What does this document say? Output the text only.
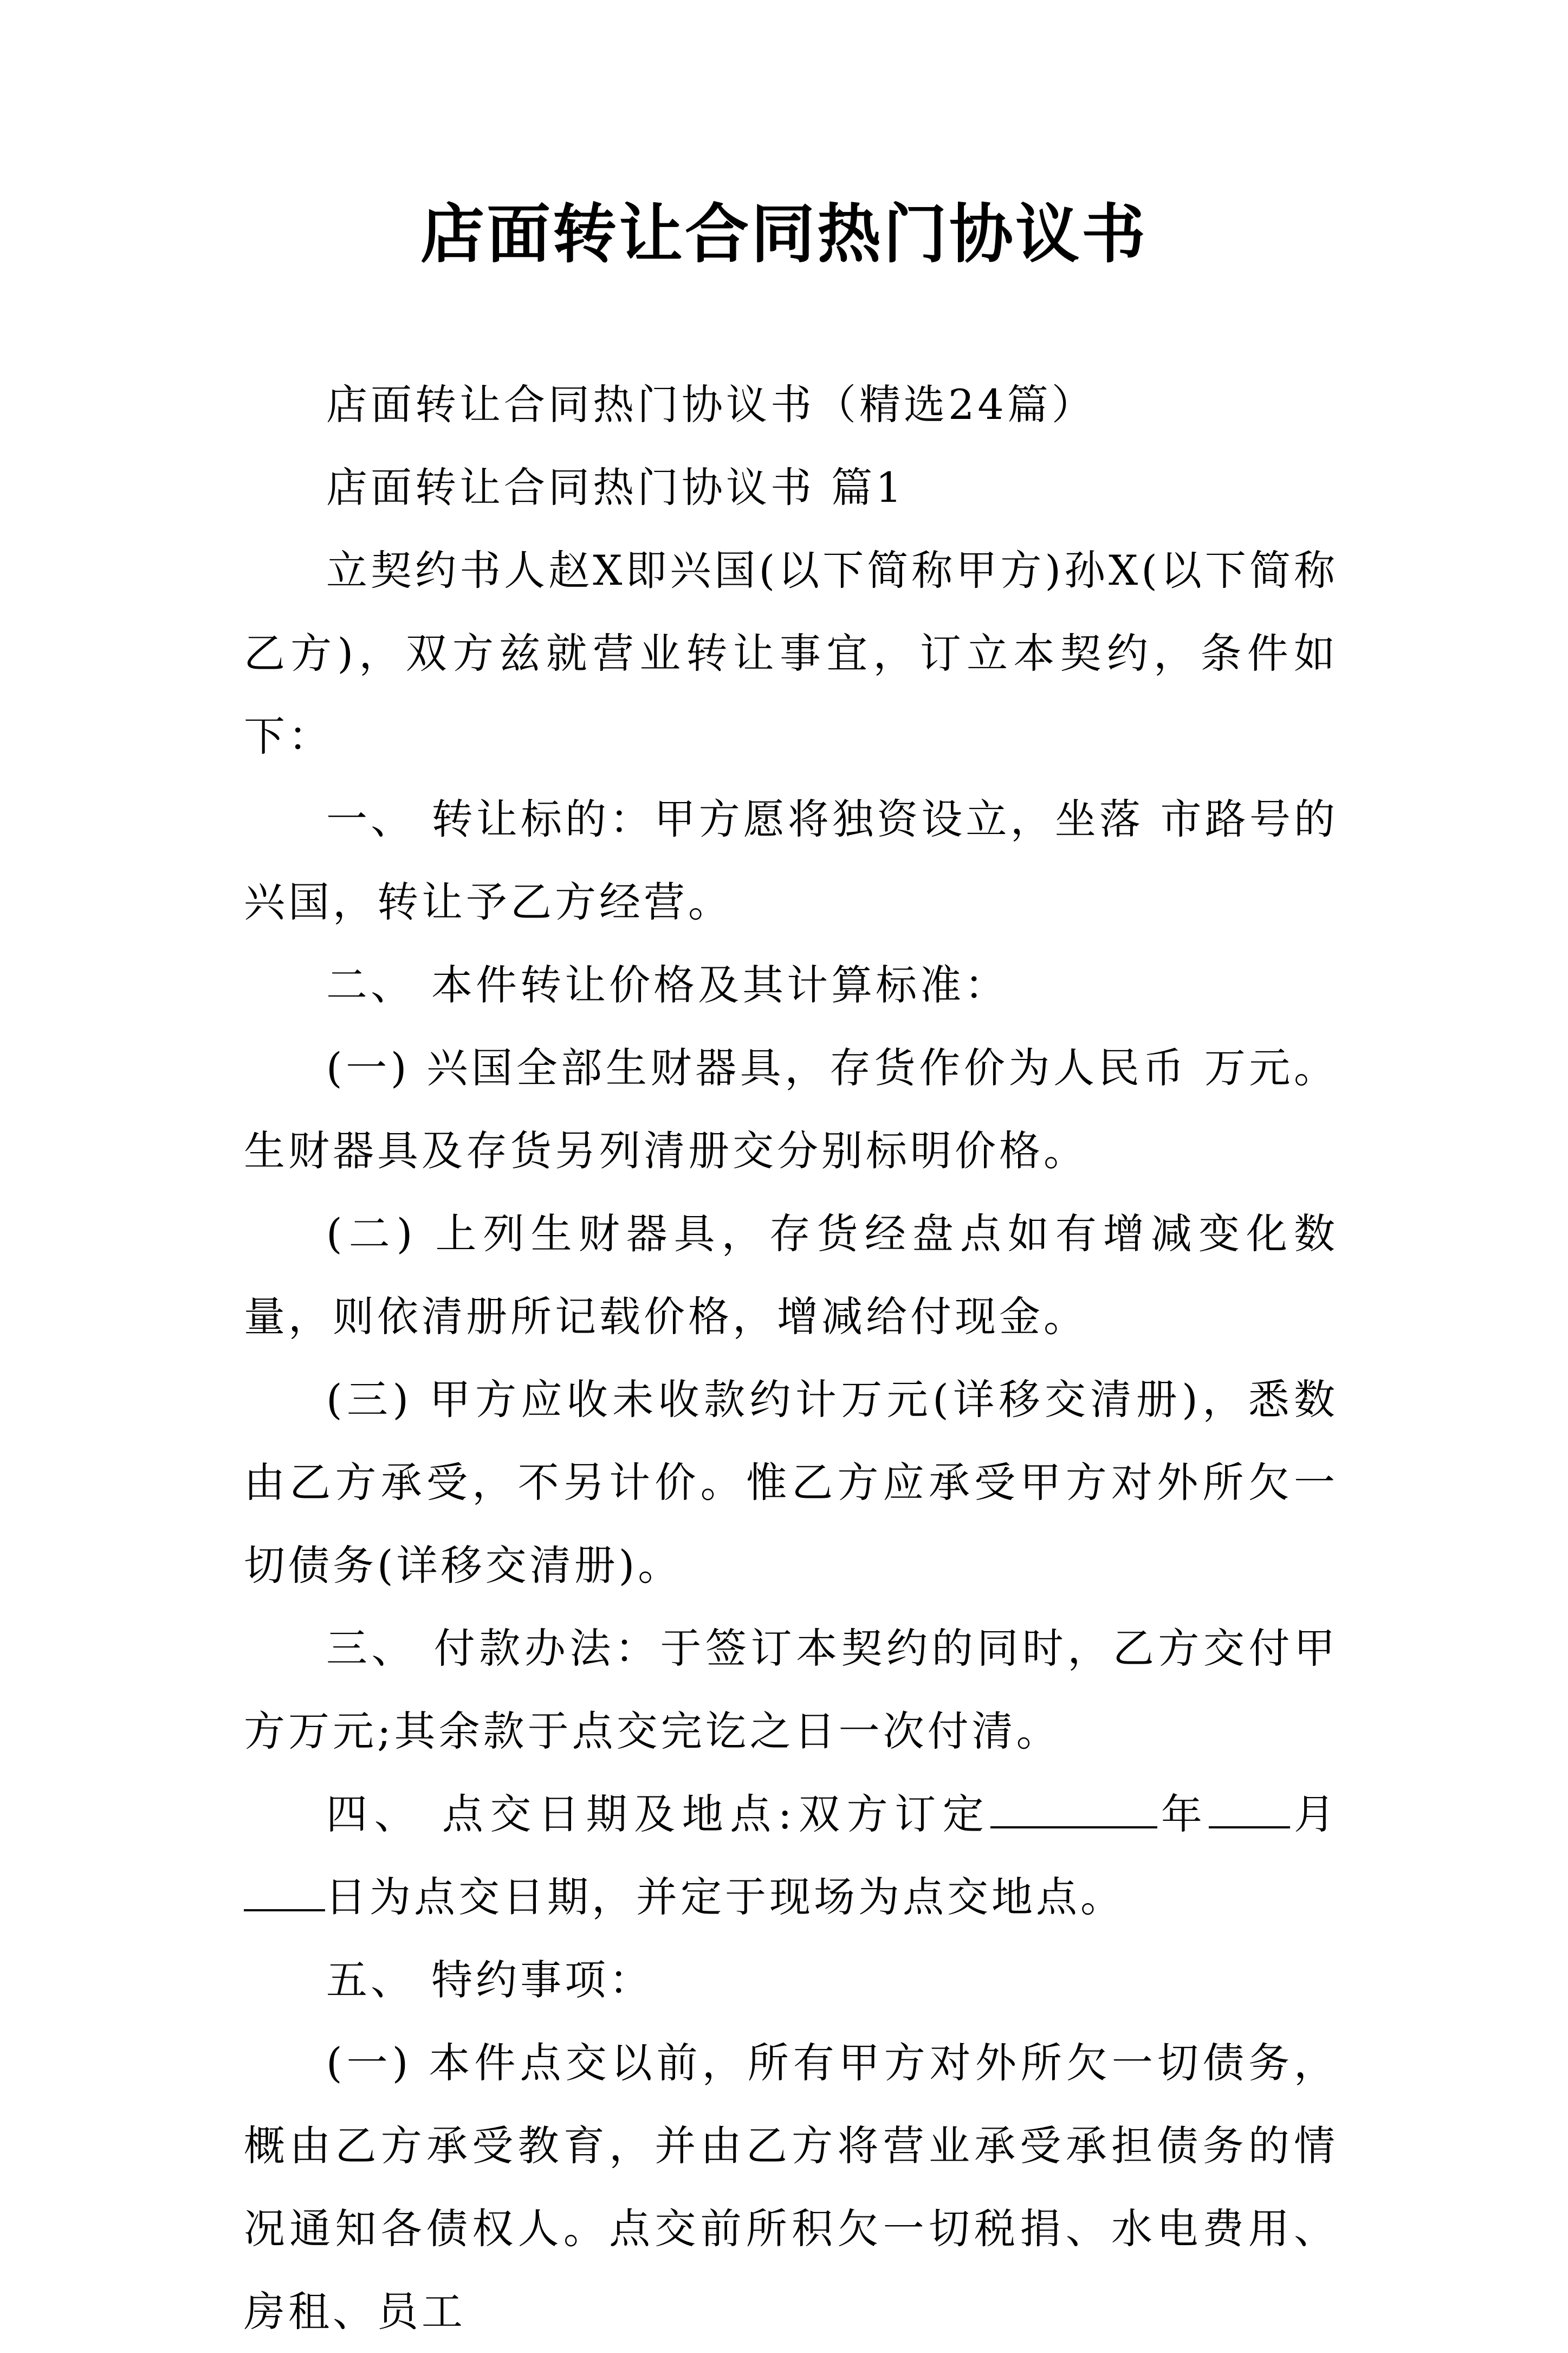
店面转让合同热门协议书

店面转让合同热门协议书（精选24篇）

店面转让合同热门协议书 篇1

立契约书人赵X即兴国(以下简称甲方)孙X(以下简称乙方)，双方兹就营业转让事宜，订立本契约，条件如下：

一、 转让标的：甲方愿将独资设立，坐落 市路号的兴国，转让予乙方经营。

二、 本件转让价格及其计算标准：

(一) 兴国全部生财器具，存货作价为人民币 万元。生财器具及存货另列清册交分别标明价格。

(二) 上列生财器具，存货经盘点如有增减变化数量，则依清册所记载价格，增减给付现金。

(三) 甲方应收未收款约计万元(详移交清册)，悉数由乙方承受，不另计价。惟乙方应承受甲方对外所欠一切债务(详移交清册)。

三、 付款办法：于签订本契约的同时，乙方交付甲方万元;其余款于点交完讫之日一次付清。

四、 点交日期及地点:双方订定	年 月日为点交日期，并定于现场为点交地点。

五、 特约事项：

(一) 本件点交以前，所有甲方对外所欠一切债务，概由乙方承受教育，并由乙方将营业承受承担债务的情况通知各债权人。点交前所积欠一切税捐、水电费用、房租、员工
